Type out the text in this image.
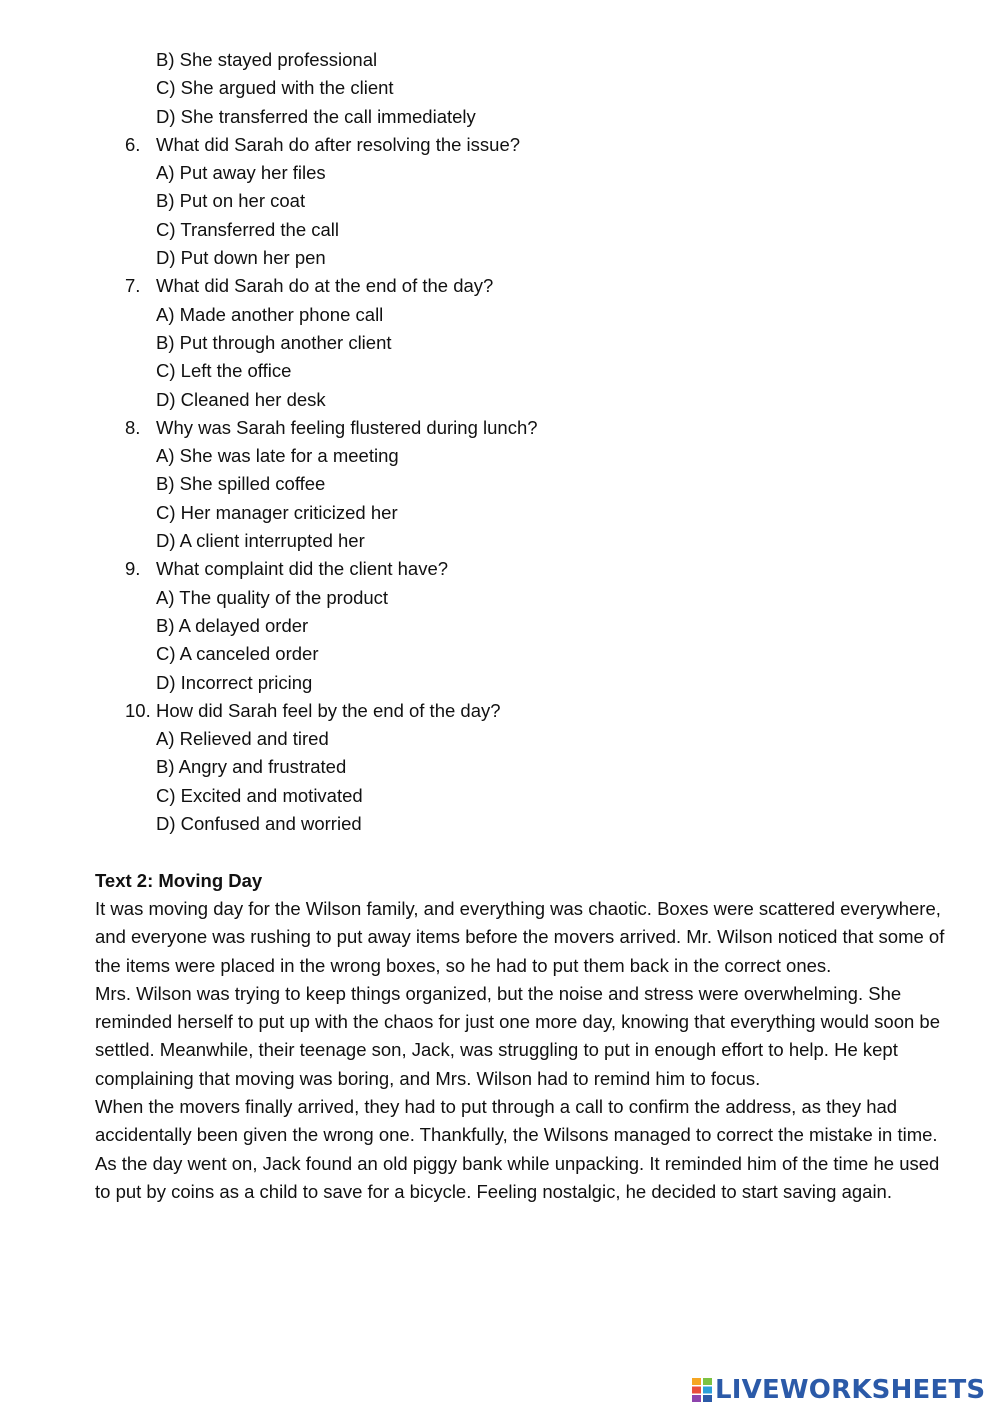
B) She stayed professional
C) She argued with the client
D) She transferred the call immediately
6. What did Sarah do after resolving the issue?
A) Put away her files
B) Put on her coat
C) Transferred the call
D) Put down her pen
7. What did Sarah do at the end of the day?
A) Made another phone call
B) Put through another client
C) Left the office
D) Cleaned her desk
8. Why was Sarah feeling flustered during lunch?
A) She was late for a meeting
B) She spilled coffee
C) Her manager criticized her
D) A client interrupted her
9. What complaint did the client have?
A) The quality of the product
B) A delayed order
C) A canceled order
D) Incorrect pricing
10. How did Sarah feel by the end of the day?
A) Relieved and tired
B) Angry and frustrated
C) Excited and motivated
D) Confused and worried
Text 2: Moving Day
It was moving day for the Wilson family, and everything was chaotic. Boxes were scattered everywhere, and everyone was rushing to put away items before the movers arrived. Mr. Wilson noticed that some of the items were placed in the wrong boxes, so he had to put them back in the correct ones.
Mrs. Wilson was trying to keep things organized, but the noise and stress were overwhelming. She reminded herself to put up with the chaos for just one more day, knowing that everything would soon be settled. Meanwhile, their teenage son, Jack, was struggling to put in enough effort to help. He kept complaining that moving was boring, and Mrs. Wilson had to remind him to focus.
When the movers finally arrived, they had to put through a call to confirm the address, as they had accidentally been given the wrong one. Thankfully, the Wilsons managed to correct the mistake in time.
As the day went on, Jack found an old piggy bank while unpacking. It reminded him of the time he used to put by coins as a child to save for a bicycle. Feeling nostalgic, he decided to start saving again.
LIVEWORKSHEETS
